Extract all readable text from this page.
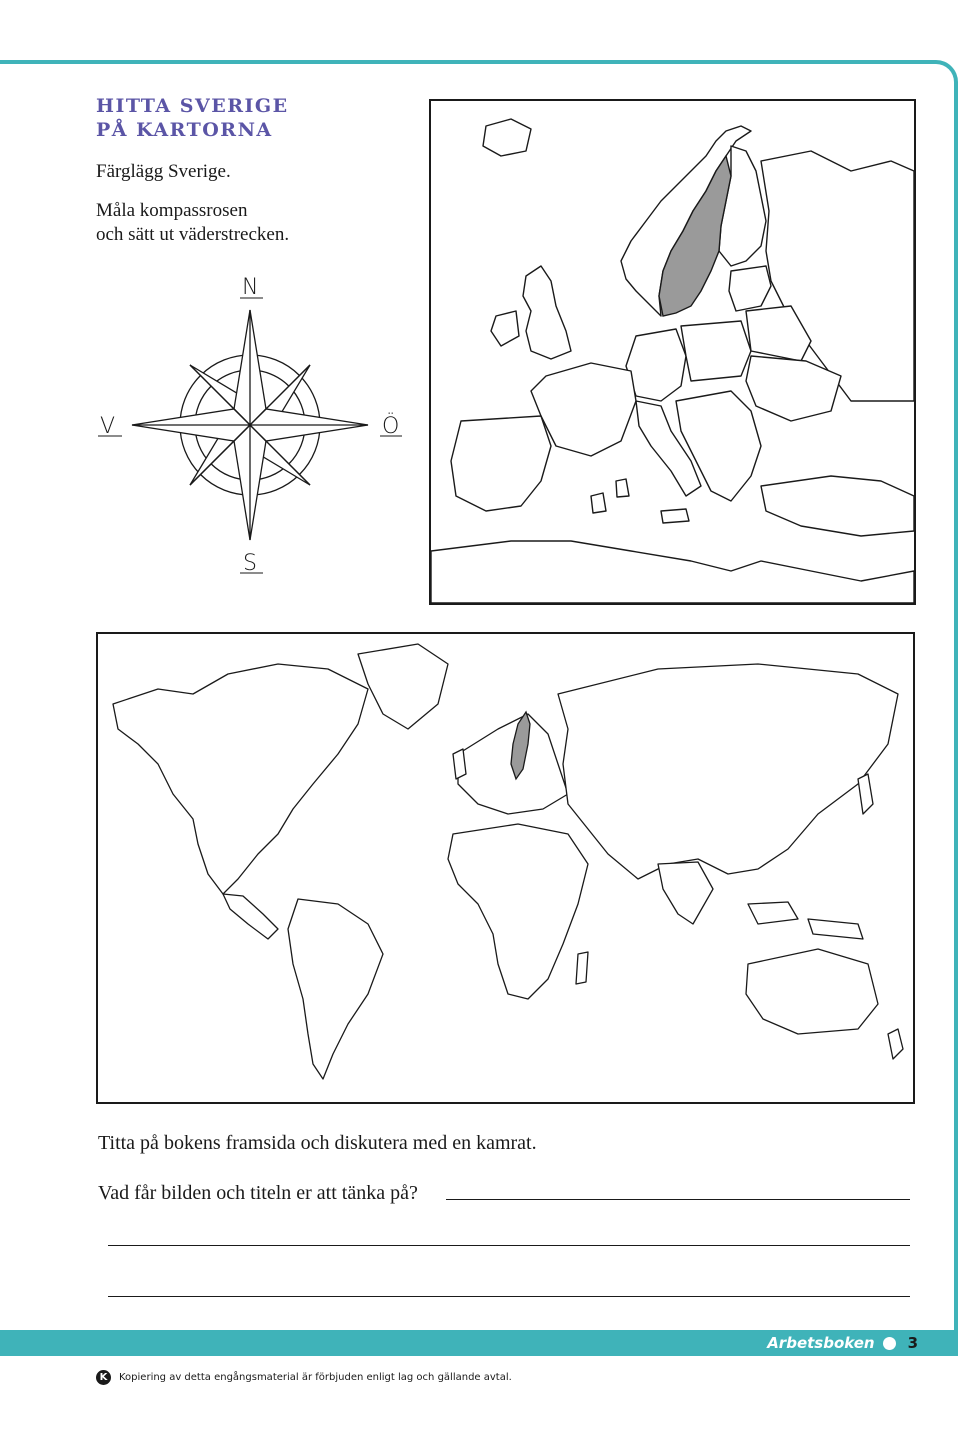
HITTA SVERIGE
PÅ KARTORNA
Färglägg Sverige.
Måla kompassrosen
och sätt ut väderstrecken.
N
S
V	Ö
Titta på bokens framsida och diskutera med en kamrat.
Vad får bilden och titeln er att tänka på?
Arbetsboken 3
K	Kopiering av detta engångsmaterial är förbjuden enligt lag och gällande avtal.
